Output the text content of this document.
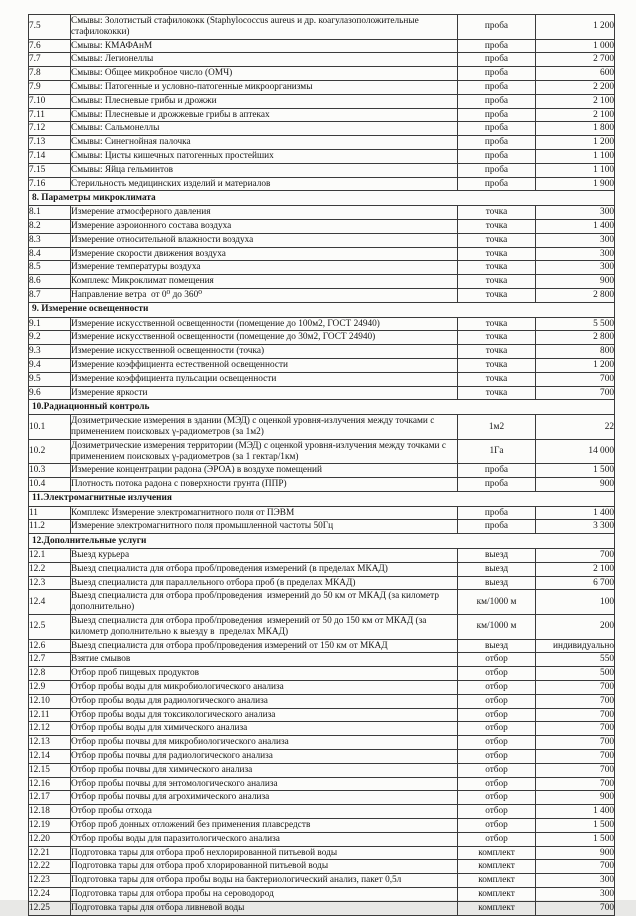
7.5	Смывы: Золотистый стафилококк (Staphylococcus aureus и др. коагулазоположительные стафилококки)	проба	1 200
7.6	Смывы: КМАФАнМ	проба	1 000
7.7	Смывы: Легионеллы	проба	2 700
7.8	Смывы: Общее микробное число (ОМЧ)	проба	600
7.9	Смывы: Патогенные и условно-патогенные микроорганизмы	проба	2 200
7.10	Смывы: Плесневые грибы и дрожжи	проба	2 100
7.11	Смывы: Плесневые и дрожжевые грибы в аптеках	проба	2 100
7.12	Смывы: Сальмонеллы	проба	1 800
7.13	Смывы: Синегнойная палочка	проба	1 200
7.14	Смывы: Цисты кишечных патогенных простейших	проба	1 100
7.15	Смывы: Яйца гельминтов	проба	1 100
7.16	Стерильность медицинских изделий и материалов	проба	1 900
8. Параметры микроклимата			
8.1	Измерение атмосферного давления	точка	300
8.2	Измерение аэроионного состава воздуха	точка	1 400
8.3	Измерение относительной влажности воздуха	точка	300
8.4	Измерение скорости движения воздуха	точка	300
8.5	Измерение температуры воздуха	точка	300
8.6	Комплекс Микроклимат помещения	точка	900
8.7	Направление ветра  от 0⁰ до 360⁰	точка	2 800
9. Измерение освещенности			
9.1	Измерение искусственной освещенности (помещение до 100м2, ГОСТ 24940)	точка	5 500
9.2	Измерение искусственной освещенности (помещение до 30м2, ГОСТ 24940)	точка	2 800
9.3	Измерение искусственной освещенности (точка)	точка	800
9.4	Измерение коэффициента естественной освещенности	точка	1 200
9.5	Измерение коэффициента пульсации освещенности	точка	700
9.6	Измерение яркости	точка	700
10.Радиационный контроль			
10.1	Дозиметрические измерения в здании (МЭД) с оценкой уровня-излучения между точками с применением поисковых γ-радиометров (за 1м2)	1м2	22
10.2	Дозиметрические измерения территории (МЭД) с оценкой уровня-излучения между точками с применением поисковых γ-радиометров (за 1 гектар/1км)	1Га	14 000
10.3	Измерение концентрации радона (ЭРОА) в воздухе помещений	проба	1 500
10.4	Плотность потока радона с поверхности грунта (ППР)	проба	900
11.Электромагнитные излучения			
11	Комплекс Измерение электромагнитного поля от ПЭВМ	проба	1 400
11.2	Измерение электромагнитного поля промышленной частоты 50Гц	проба	3 300
12.Дополнительные услуги			
12.1	Выезд курьера	выезд	700
12.2	Выезд специалиста для отбора проб/проведения измерений (в пределах МКАД)	выезд	2 100
12.3	Выезд специалиста для параллельного отбора проб (в пределах МКАД)	выезд	6 700
12.4	Выезд специалиста для отбора проб/проведения  измерений до 50 км от МКАД (за километр дополнительно)	км/1000 м	100
12.5	Выезд специалиста для отбора проб/проведения  измерений от 50 до 150 км от МКАД (за километр дополнительно к выезду в  пределах МКАД)	км/1000 м	200
12.6	Выезд специалиста для отбора проб/проведения измерений от 150 км от МКАД	выезд	индивидуально
12.7	Взятие смывов	отбор	550
12.8	Отбор проб пищевых продуктов	отбор	500
12.9	Отбор пробы воды для микробиологического анализа	отбор	700
12.10	Отбор пробы воды для радиологического анализа	отбор	700
12.11	Отбор пробы воды для токсикологического анализа	отбор	700
12.12	Отбор пробы воды для химического анализа	отбор	700
12.13	Отбор пробы почвы для микробиологического анализа	отбор	700
12.14	Отбор пробы почвы для радиологического анализа	отбор	700
12.15	Отбор пробы почвы для химического анализа	отбор	700
12.16	Отбор пробы почвы для энтомологического анализа	отбор	700
12.17	Отбор пробы почвы для агрохимического анализа	отбор	900
12.18	Отбор пробы отхода	отбор	1 400
12.19	Отбор проб донных отложений без применения плавсредств	отбор	1 500
12.20	Отбор пробы воды для паразитологического анализа	отбор	1 500
12.21	Подготовка тары для отбора проб нехлорированной питьевой воды	комплект	900
12.22	Подготовка тары для отбора проб хлорированной питьевой воды	комплект	700
12.23	Подготовка тары для отбора пробы воды на бактериологический анализ, пакет 0,5л	комплект	300
12.24	Подготовка тары для отбора пробы на сероводород	комплект	300
12.25	Подготовка тары для отбора ливневой воды	комплект	700
